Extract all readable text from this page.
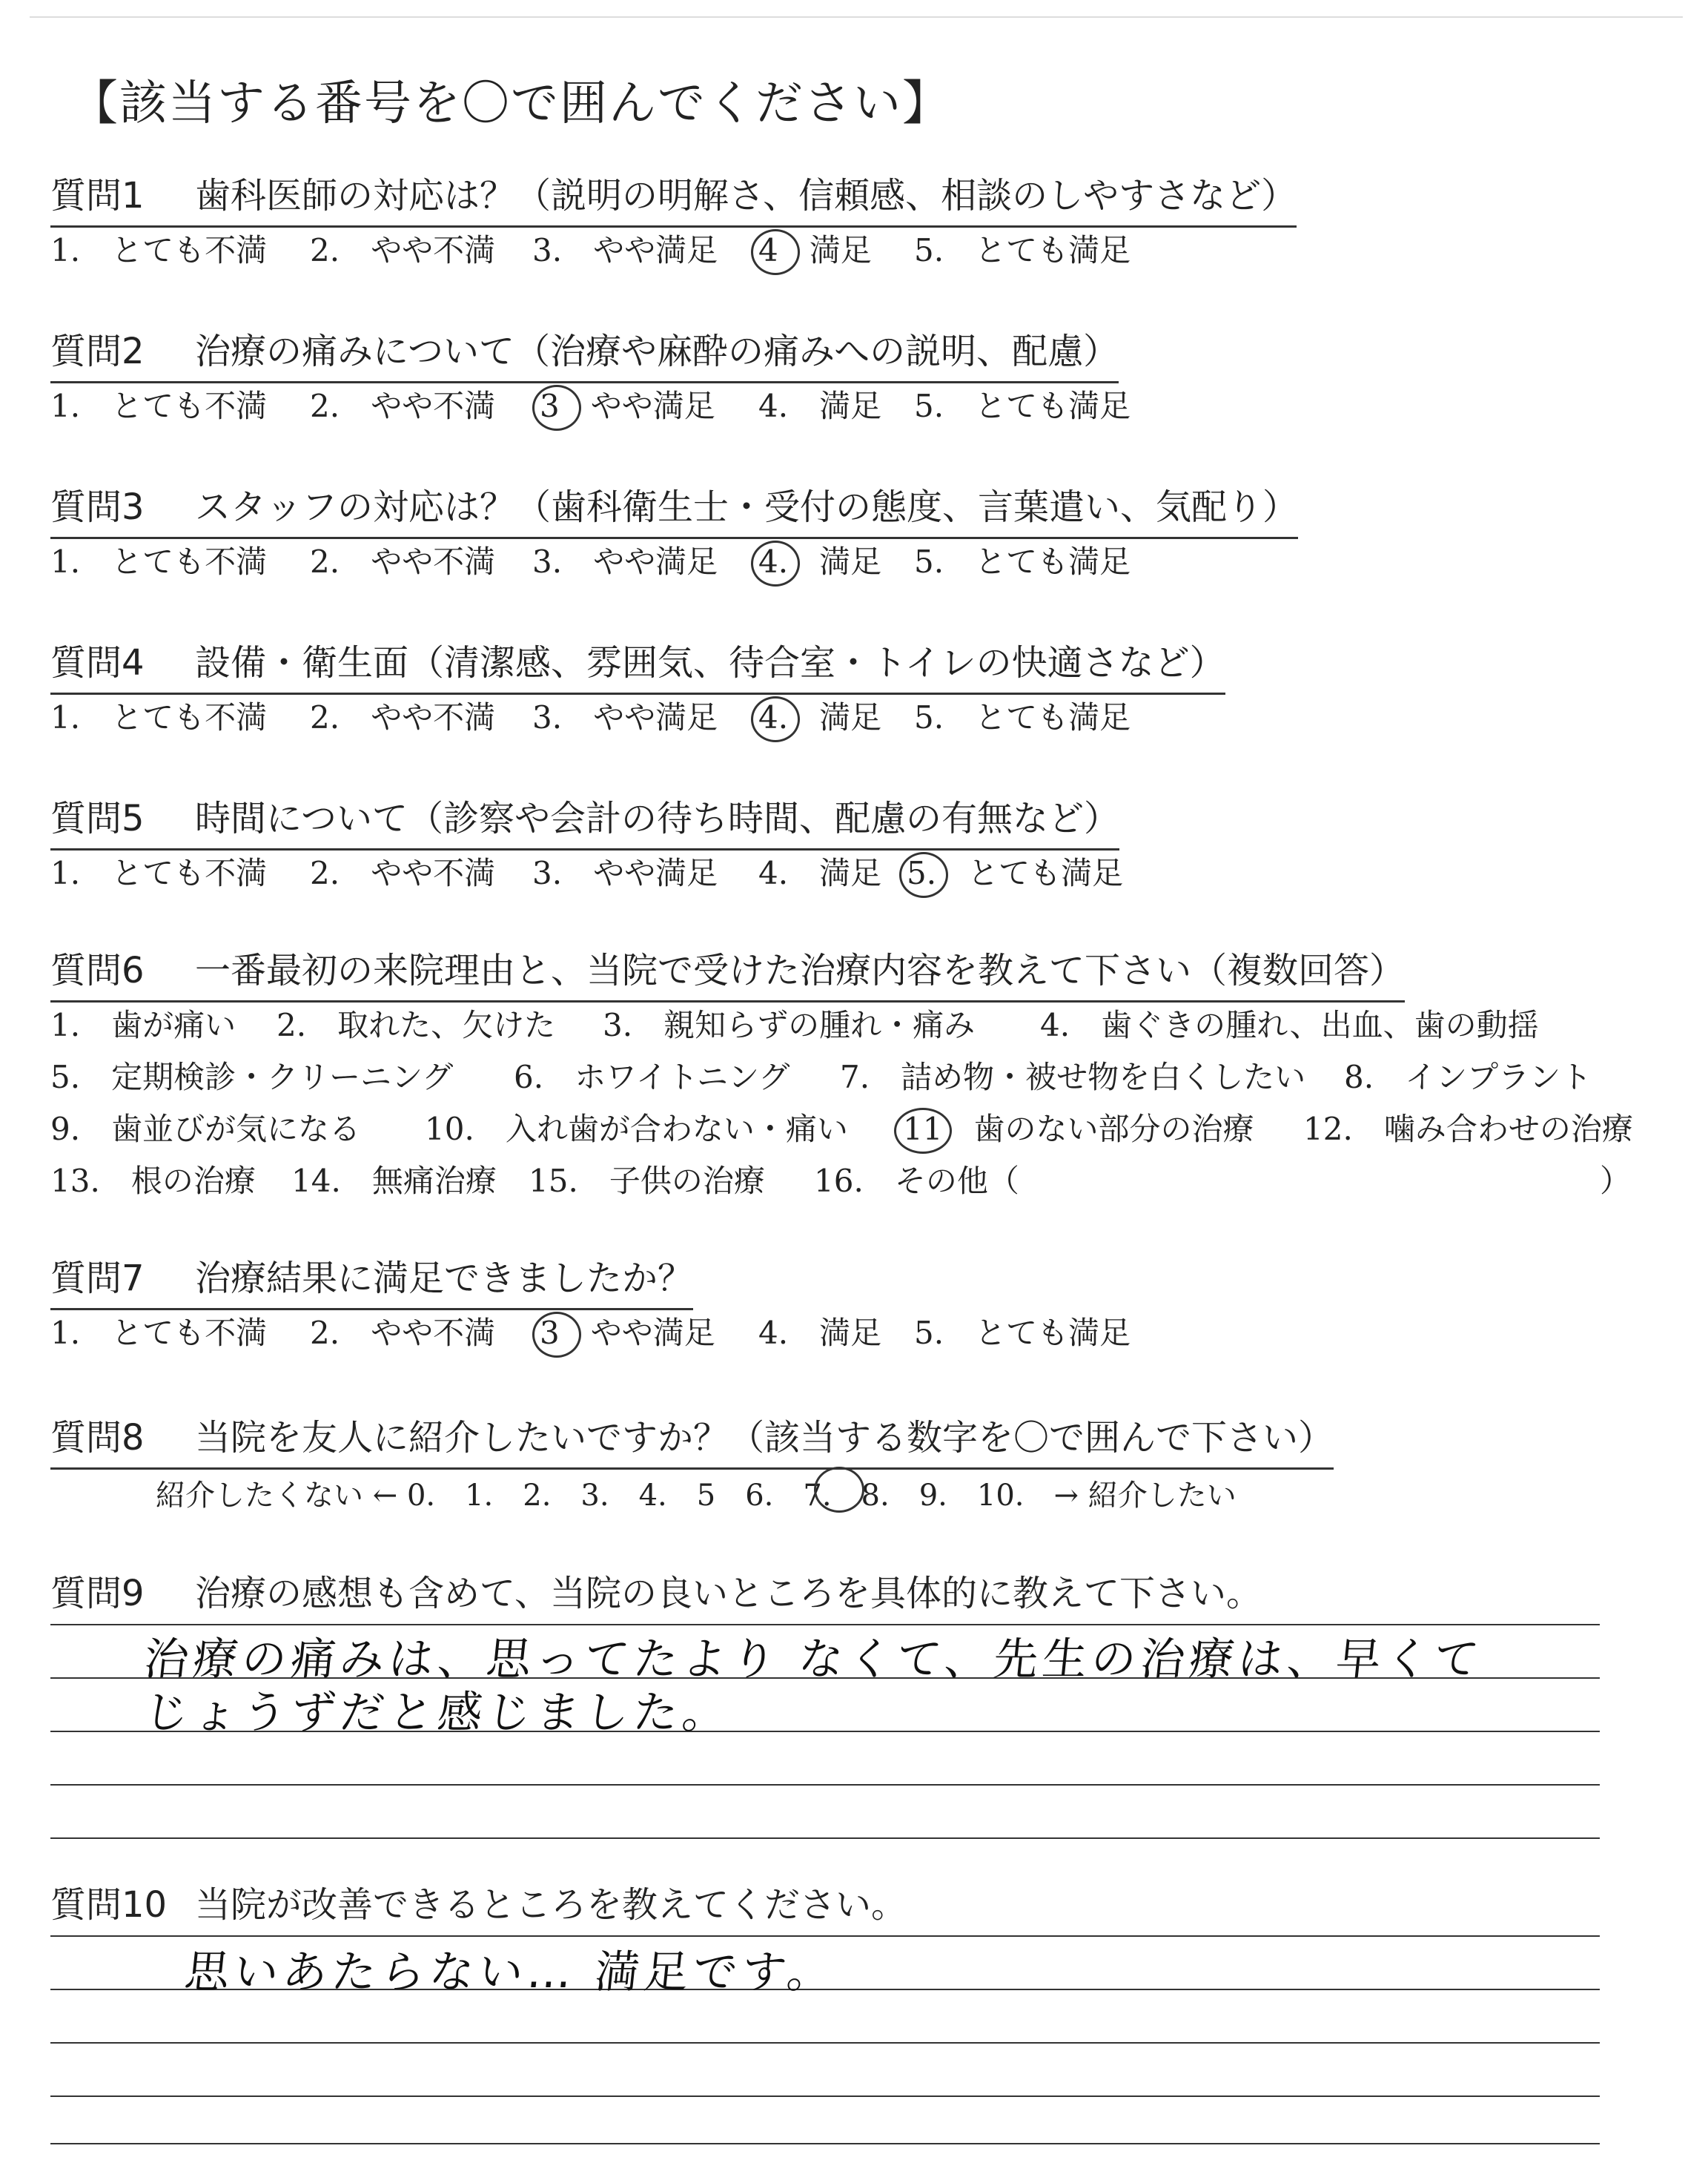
【該当する番号を〇で囲んでください】
質問1 歯科医師の対応は？（説明の明解さ、信頼感、相談のしやすさなど）
1.　 とても不満 2.　 やや不満 3.　 やや満足 4　 満足 5.　 とても満足
質問2 治療の痛みについて（治療や麻酔の痛みへの説明、配慮）
1.　 とても不満 2.　 やや不満 3　 やや満足 4.　 満足 5.　 とても満足
質問3 スタッフの対応は？（歯科衛生士・受付の態度、言葉遣い、気配り）
1.　 とても不満 2.　 やや不満 3.　 やや満足 4.　 満足 5.　 とても満足
質問4 設備・衛生面（清潔感、雰囲気、待合室・トイレの快適さなど）
1.　 とても不満 2.　 やや不満 3.　 やや満足 4.　 満足 5.　 とても満足
質問5 時間について（診察や会計の待ち時間、配慮の有無など）
1.　 とても不満 2.　 やや不満 3.　 やや満足 4.　 満足 5.　 とても満足
質問6 一番最初の来院理由と、当院で受けた治療内容を教えて下さい（複数回答）
1.　 歯が痛い 2.　 取れた、欠けた 3.　 親知らずの腫れ・痛み 4.　 歯ぐきの腫れ、出血、歯の動揺
5.　 定期検診・クリーニング 6.　 ホワイトニング 7.　 詰め物・被せ物を白くしたい 8.　 インプラント
9.　 歯並びが気になる 10.　 入れ歯が合わない・痛い 11　 歯のない部分の治療 12.　 噛み合わせの治療
13.　 根の治療 14.　 無痛治療 15.　 子供の治療 16.　 その他（	）
質問7 治療結果に満足できましたか？
1.　 とても不満 2.　 やや不満 3　 やや満足 4.　 満足 5.　 とても満足
質問8 当院を友人に紹介したいですか？（該当する数字を〇で囲んで下さい）
紹介したくない ← 0.　1.　2.　3.　4.　5　6.　7.　8.　9.　10.　→ 紹介したい
質問9 治療の感想も含めて、当院の良いところを具体的に教えて下さい。
治療の痛みは、思ってたより なくて、先生の治療は、早くて
じょうずだと感じました。
質問10 当院が改善できるところを教えてください。
思いあたらない… 満足です。
